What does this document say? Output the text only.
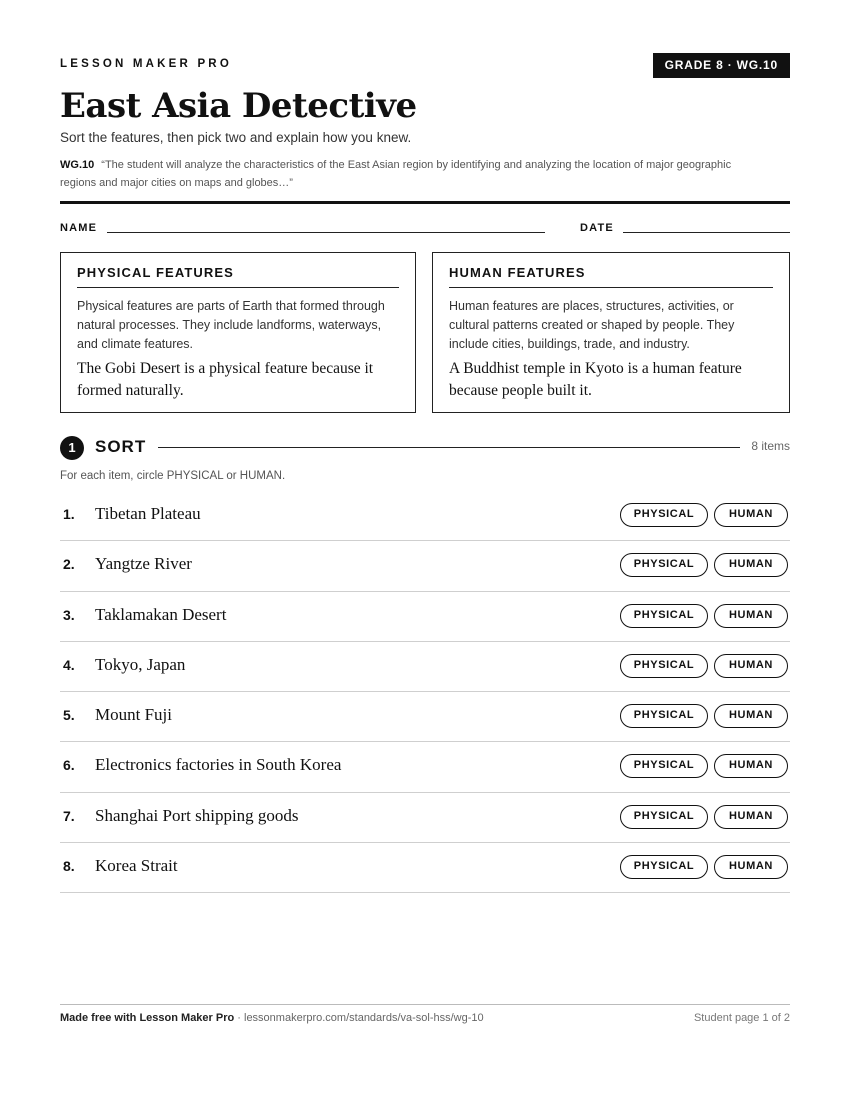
LESSON MAKER PRO	GRADE 8 · WG.10
East Asia Detective
Sort the features, then pick two and explain how you knew.
WG.10 “The student will analyze the characteristics of the East Asian region by identifying and analyzing the location of major geographic regions and major cities on maps and globes…”
NAME	DATE
PHYSICAL FEATURES
Physical features are parts of Earth that formed through natural processes. They include landforms, waterways, and climate features.
The Gobi Desert is a physical feature because it formed naturally.
HUMAN FEATURES
Human features are places, structures, activities, or cultural patterns created or shaped by people. They include cities, buildings, trade, and industry.
A Buddhist temple in Kyoto is a human feature because people built it.
1	SORT	8 items
For each item, circle PHYSICAL or HUMAN.
1. Tibetan Plateau	PHYSICAL	HUMAN
2. Yangtze River	PHYSICAL	HUMAN
3. Taklamakan Desert	PHYSICAL	HUMAN
4. Tokyo, Japan	PHYSICAL	HUMAN
5. Mount Fuji	PHYSICAL	HUMAN
6. Electronics factories in South Korea	PHYSICAL	HUMAN
7. Shanghai Port shipping goods	PHYSICAL	HUMAN
8. Korea Strait	PHYSICAL	HUMAN
Made free with Lesson Maker Pro · lessonmakerpro.com/standards/va-sol-hss/wg-10	Student page 1 of 2
